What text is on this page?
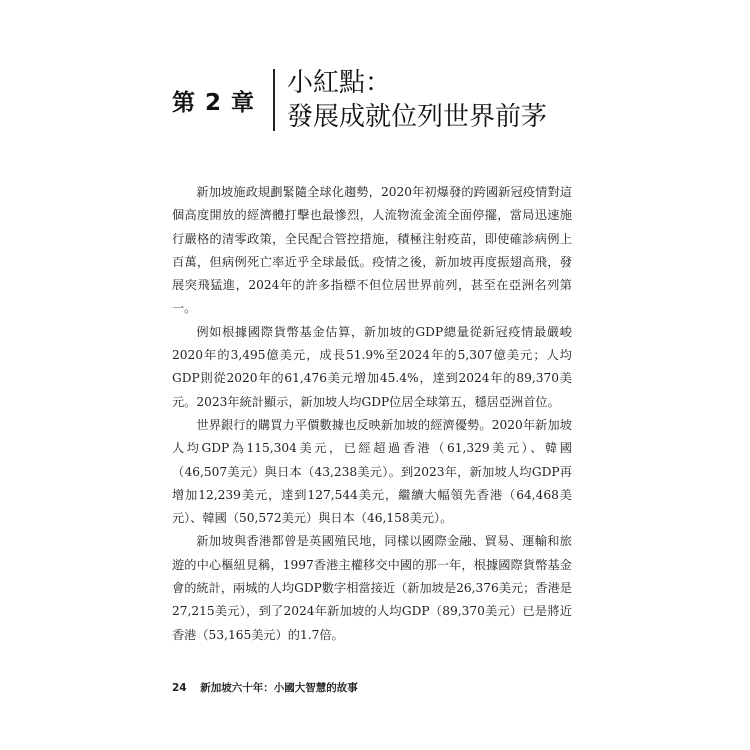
第 2 章
小紅點：
發展成就位列世界前茅

新加坡施政規劃緊隨全球化趨勢，2020年初爆發的跨國新冠疫情對這個高度開放的經濟體打擊也最慘烈，人流物流金流全面停擺，當局迅速施行嚴格的清零政策，全民配合管控措施，積極注射疫苗，即使確診病例上百萬，但病例死亡率近乎全球最低。疫情之後，新加坡再度振翅高飛，發展突飛猛進，2024年的許多指標不但位居世界前列，甚至在亞洲名列第一。

例如根據國際貨幣基金估算，新加坡的GDP總量從新冠疫情最嚴峻2020年的3,495億美元，成長51.9%至2024年的5,307億美元；人均GDP則從2020年的61,476美元增加45.4%，達到2024年的89,370美元。2023年統計顯示，新加坡人均GDP位居全球第五，穩居亞洲首位。

世界銀行的購買力平價數據也反映新加坡的經濟優勢。2020年新加坡人均GDP為115,304美元，已經超過香港（61,329美元）、韓國（46,507美元）與日本（43,238美元）。到2023年，新加坡人均GDP再增加12,239美元，達到127,544美元，繼續大幅領先香港（64,468美元）、韓國（50,572美元）與日本（46,158美元）。

新加坡與香港都曾是英國殖民地，同樣以國際金融、貿易、運輸和旅遊的中心樞紐見稱，1997香港主權移交中國的那一年，根據國際貨幣基金會的統計，兩城的人均GDP數字相當接近（新加坡是26,376美元；香港是27,215美元），到了2024年新加坡的人均GDP（89,370美元）已是將近香港（53,165美元）的1.7倍。

24 新加坡六十年：小國大智慧的故事
